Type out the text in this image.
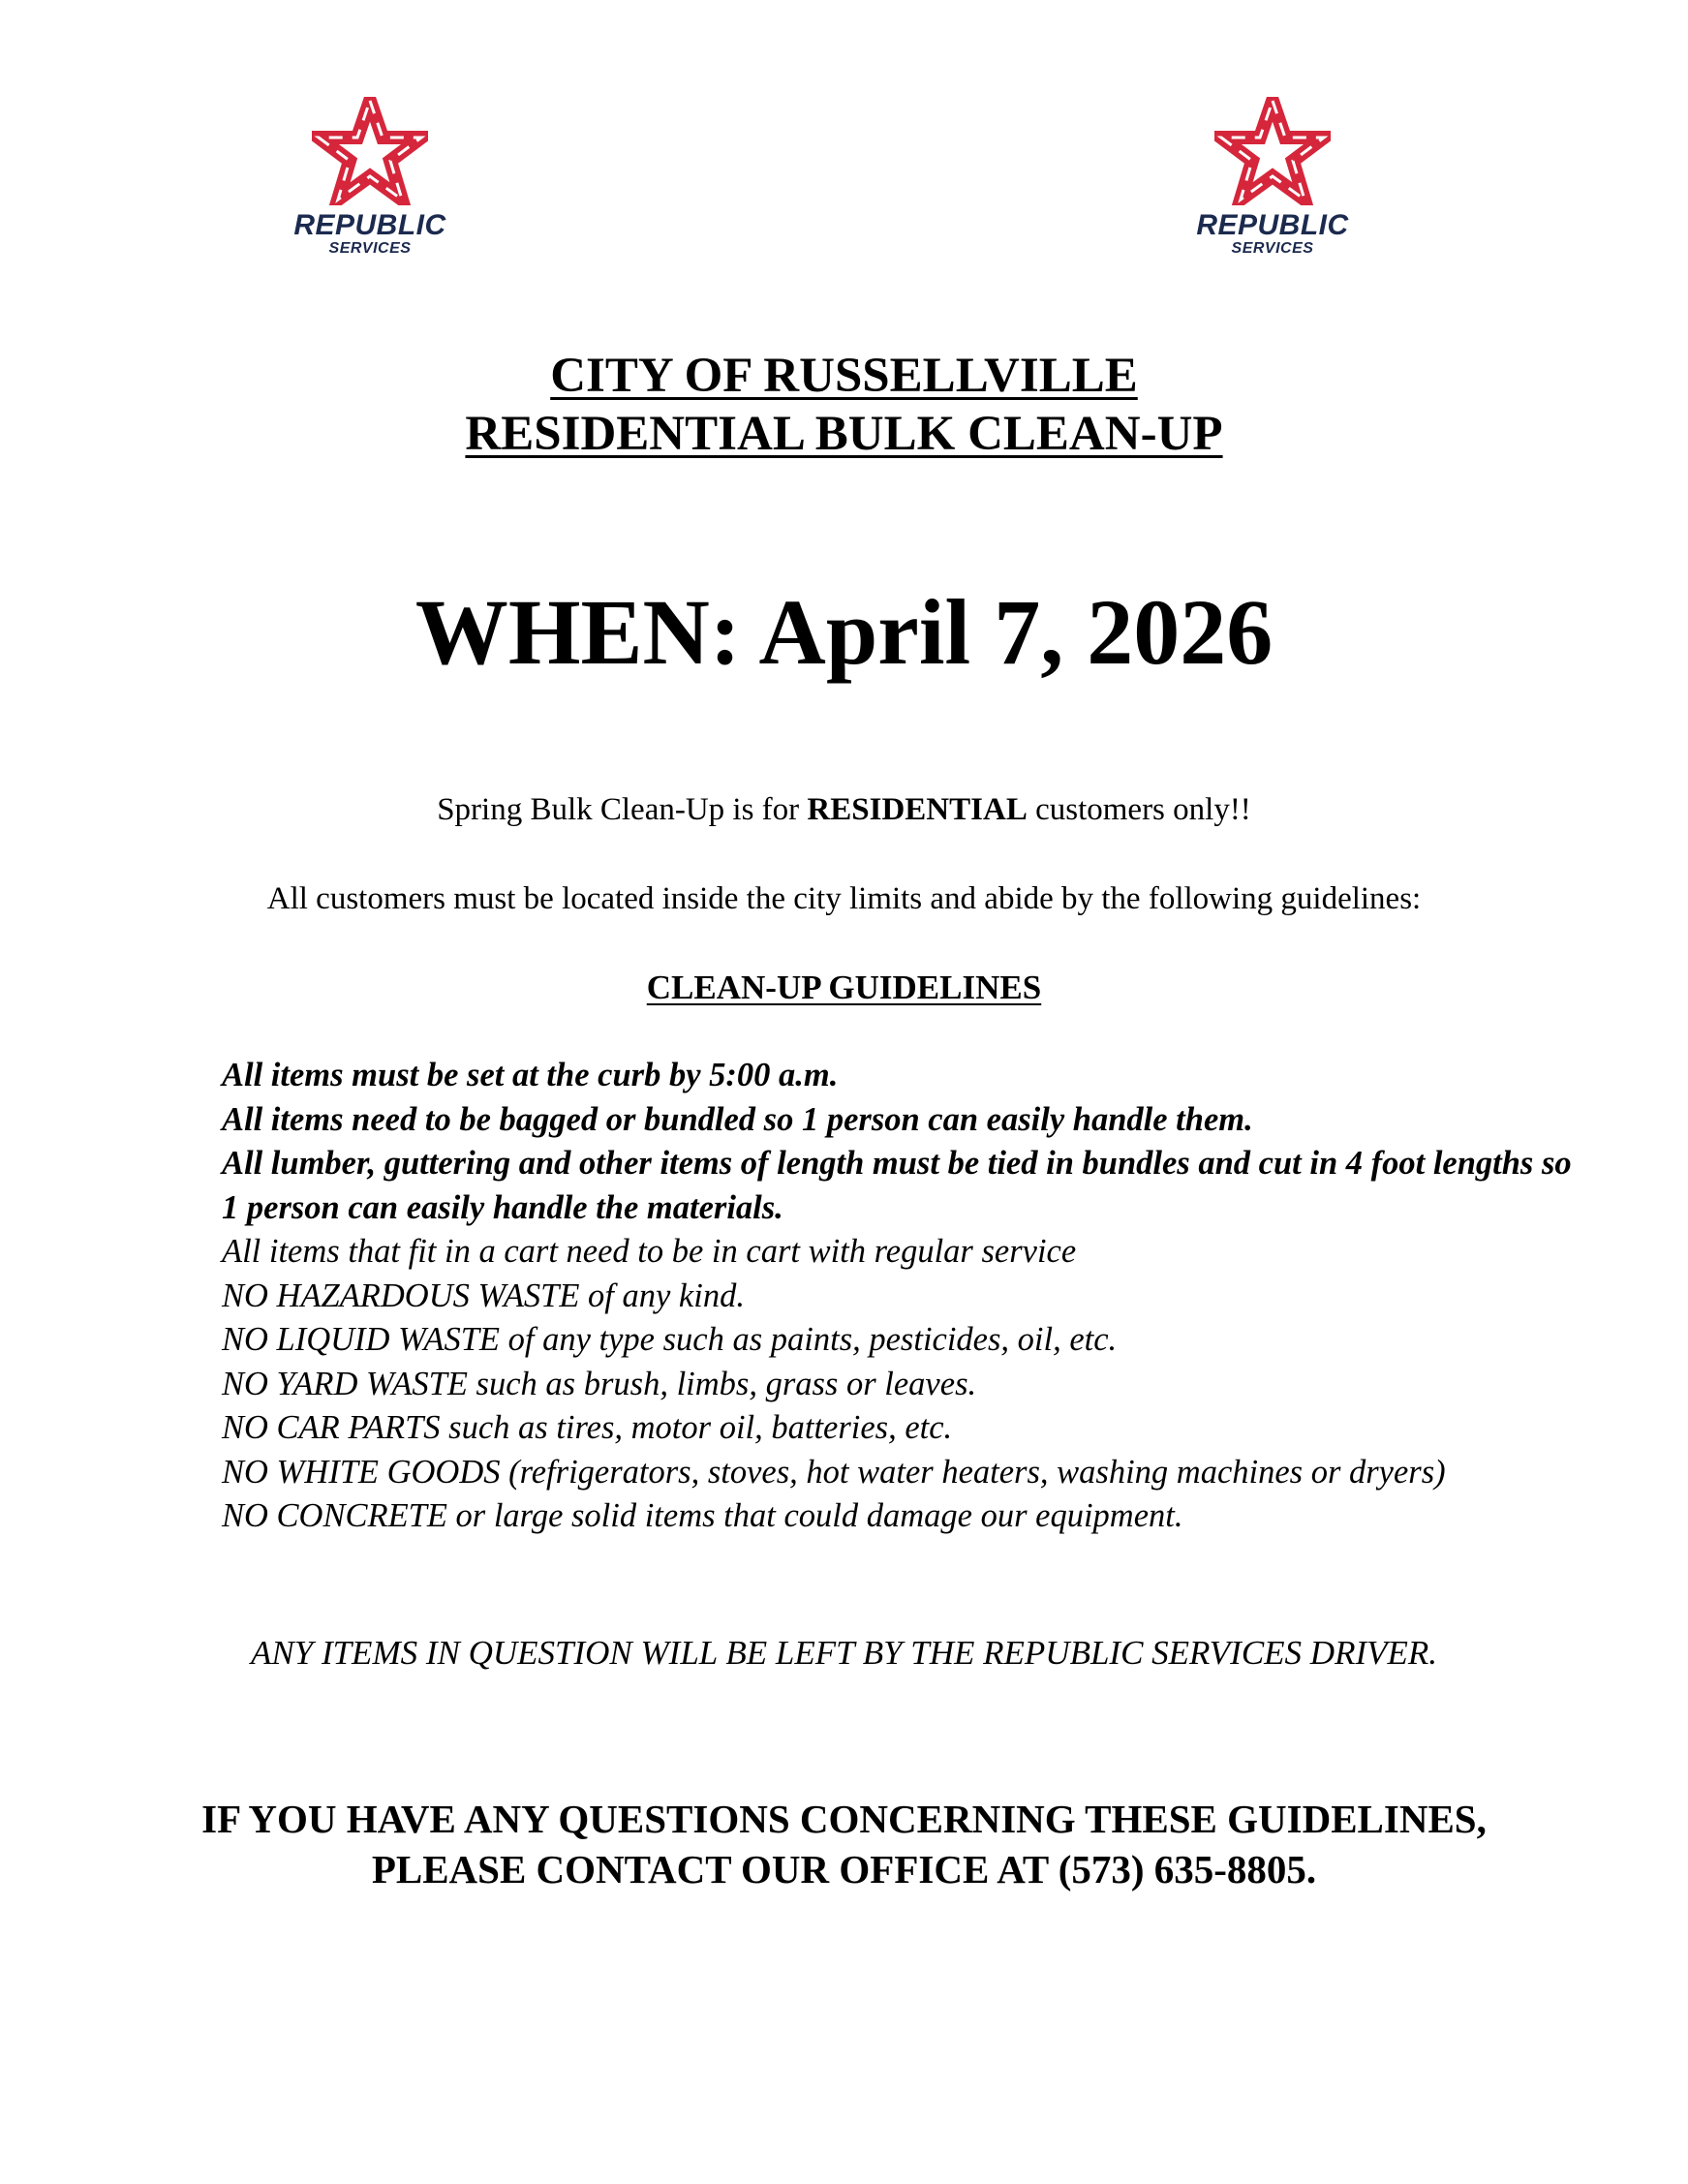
REPUBLIC
SERVICES
REPUBLIC
SERVICES
CITY OF RUSSELLVILLE
RESIDENTIAL BULK CLEAN-UP
WHEN: April 7, 2026
Spring Bulk Clean-Up is for RESIDENTIAL customers only!!
All customers must be located inside the city limits and abide by the following guidelines:
CLEAN-UP GUIDELINES
All items must be set at the curb by 5:00 a.m.
All items need to be bagged or bundled so 1 person can easily handle them.
All lumber, guttering and other items of length must be tied in bundles and cut in 4 foot lengths so 1 person can easily handle the materials.
All items that fit in a cart need to be in cart with regular service
NO HAZARDOUS WASTE of any kind.
NO LIQUID WASTE of any type such as paints, pesticides, oil, etc.
NO YARD WASTE such as brush, limbs, grass or leaves.
NO CAR PARTS such as tires, motor oil, batteries, etc.
NO WHITE GOODS (refrigerators, stoves, hot water heaters, washing machines or dryers)
NO CONCRETE or large solid items that could damage our equipment.
ANY ITEMS IN QUESTION WILL BE LEFT BY THE REPUBLIC SERVICES DRIVER.
IF YOU HAVE ANY QUESTIONS CONCERNING THESE GUIDELINES,
PLEASE CONTACT OUR OFFICE AT (573) 635-8805.
